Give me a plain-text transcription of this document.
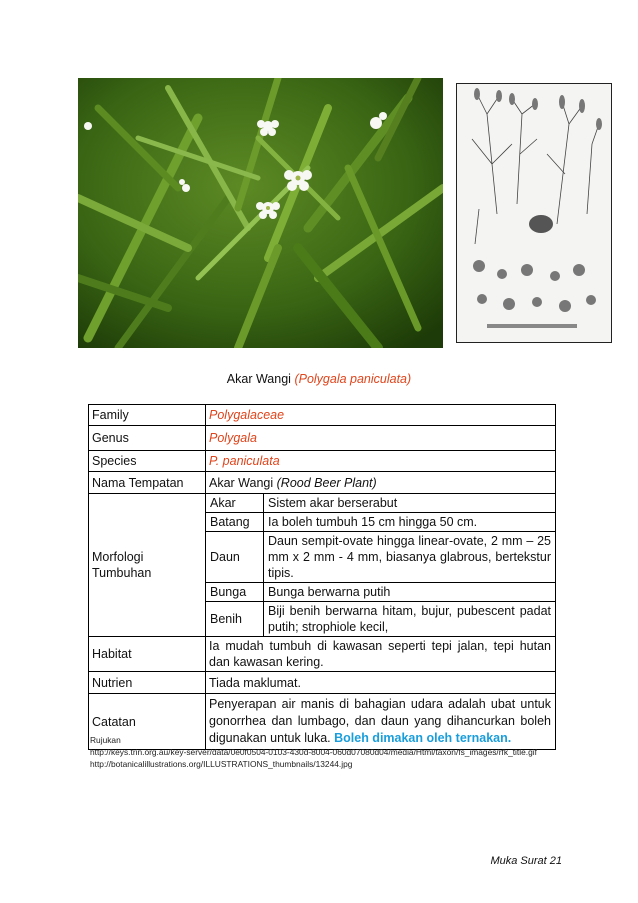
Akar Wangi (Polygala paniculata)
Family	Polygalaceae
Genus	Polygala
Species	P. paniculata
Nama Tempatan	Akar Wangi (Rood Beer Plant)
Morfologi Tumbuhan	
Akar	Sistem akar berserabut
Batang	Ia boleh tumbuh 15 cm hingga 50 cm.
Daun	Daun sempit-ovate hingga linear-ovate, 2 mm – 25 mm x 2 mm - 4 mm, biasanya glabrous, bertekstur tipis.
Bunga	Bunga berwarna putih
Benih	Biji benih berwarna hitam, bujur, pubescent padat putih; strophiole kecil,

Habitat	Ia mudah tumbuh di kawasan seperti tepi jalan, tepi hutan dan kawasan kering.
Nutrien	Tiada maklumat.
Catatan	Penyerapan air manis di bahagian udara adalah ubat untuk gonorrhea dan lumbago, dan daun yang dihancurkan boleh digunakan untuk luka. Boleh dimakan oleh ternakan.
Rujukan
http://keys.trin.org.au/key-server/data/0e0f0504-0103-430d-8004-060d07080d04/media/Html/taxon/fs_images/rfk_title.gif
http://botanicalillustrations.org/ILLUSTRATIONS_thumbnails/13244.jpg
Muka Surat 21
